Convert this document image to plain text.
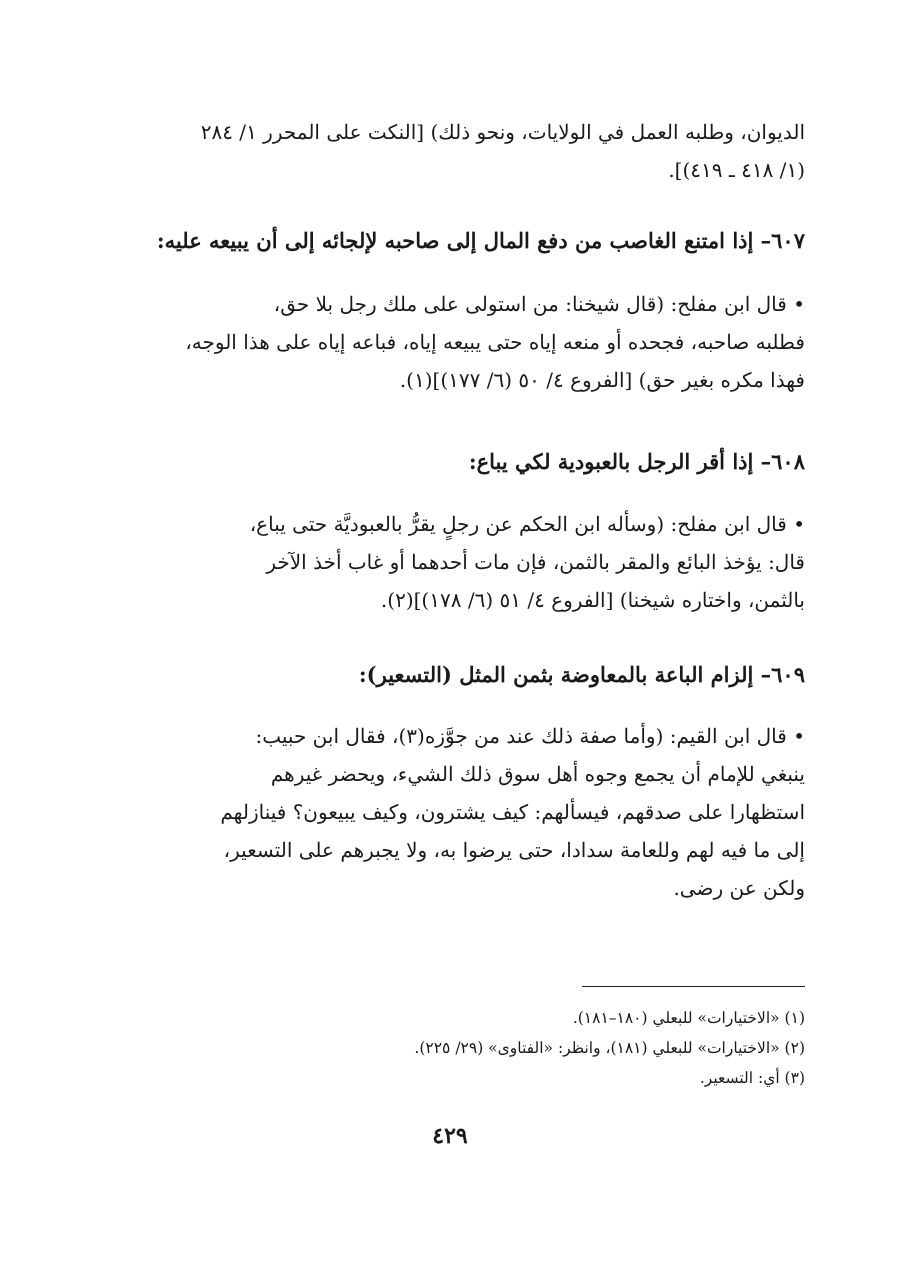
الديوان، وطلبه العمل في الولايات، ونحو ذلك) [النكت على المحرر ١/ ٢٨٤
(١/ ٤١٨ ـ ٤١٩)].
٦٠٧– إذا امتنع الغاصب من دفع المال إلى صاحبه لإلجائه إلى أن يبيعه عليه:
• قال ابن مفلح: (قال شيخنا: من استولى على ملك رجل بلا حق،
فطلبه صاحبه، فجحده أو منعه إياه حتى يبيعه إياه، فباعه إياه على هذا الوجه،
فهذا مكره بغير حق) [الفروع ٤/ ٥٠ (٦/ ١٧٧)](١).
٦٠٨– إذا أقر الرجل بالعبودية لكي يباع:
• قال ابن مفلح: (وسأله ابن الحكم عن رجلٍ يقرُّ بالعبوديَّة حتى يباع،
قال: يؤخذ البائع والمقر بالثمن، فإن مات أحدهما أو غاب أخذ الآخر
بالثمن، واختاره شيخنا) [الفروع ٤/ ٥١ (٦/ ١٧٨)](٢).
٦٠٩– إلزام الباعة بالمعاوضة بثمن المثل (التسعير):
• قال ابن القيم: (وأما صفة ذلك عند من جوَّزه(٣)، فقال ابن حبيب:
ينبغي للإمام أن يجمع وجوه أهل سوق ذلك الشيء، ويحضر غيرهم
استظهارا على صدقهم، فيسألهم: كيف يشترون، وكيف يبيعون؟ فينازلهم
إلى ما فيه لهم وللعامة سدادا، حتى يرضوا به، ولا يجبرهم على التسعير،
ولكن عن رضى.
(١) «الاختيارات» للبعلي (١٨٠–١٨١).
(٢) «الاختيارات» للبعلي (١٨١)، وانظر: «الفتاوى» (٢٩/ ٢٢٥).
(٣) أي: التسعير.
٤٢٩
